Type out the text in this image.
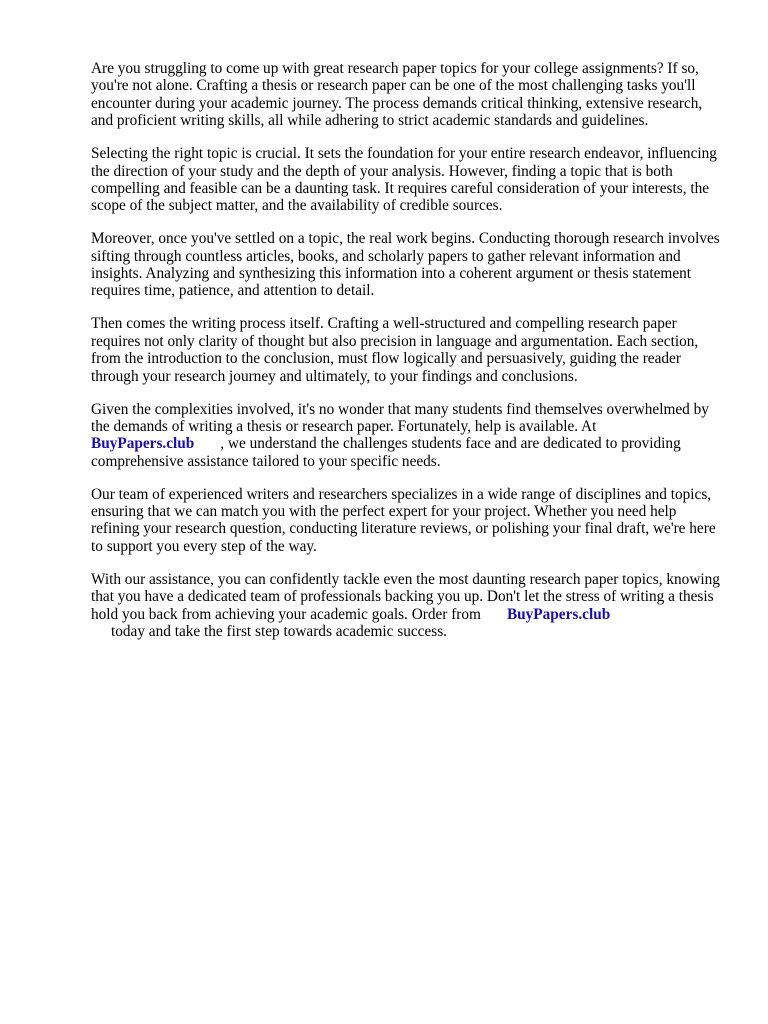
Are you struggling to come up with great research paper topics for your college assignments? If so, you're not alone. Crafting a thesis or research paper can be one of the most challenging tasks you'll encounter during your academic journey. The process demands critical thinking, extensive research, and proficient writing skills, all while adhering to strict academic standards and guidelines.

Selecting the right topic is crucial. It sets the foundation for your entire research endeavor, influencing the direction of your study and the depth of your analysis. However, finding a topic that is both compelling and feasible can be a daunting task. It requires careful consideration of your interests, the scope of the subject matter, and the availability of credible sources.

Moreover, once you've settled on a topic, the real work begins. Conducting thorough research involves sifting through countless articles, books, and scholarly papers to gather relevant information and insights. Analyzing and synthesizing this information into a coherent argument or thesis statement requires time, patience, and attention to detail.

Then comes the writing process itself. Crafting a well-structured and compelling research paper requires not only clarity of thought but also precision in language and argumentation. Each section, from the introduction to the conclusion, must flow logically and persuasively, guiding the reader through your research journey and ultimately, to your findings and conclusions.

Given the complexities involved, it's no wonder that many students find themselves overwhelmed by the demands of writing a thesis or research paper. Fortunately, help is available. At
BuyPapers.club , we understand the challenges students face and are dedicated to providing comprehensive assistance tailored to your specific needs.

Our team of experienced writers and researchers specializes in a wide range of disciplines and topics, ensuring that we can match you with the perfect expert for your project. Whether you need help refining your research question, conducting literature reviews, or polishing your final draft, we're here to support you every step of the way.

With our assistance, you can confidently tackle even the most daunting research paper topics, knowing that you have a dedicated team of professionals backing you up. Don't let the stress of writing a thesis hold you back from achieving your academic goals. Order from BuyPapers.club
today and take the first step towards academic success.
